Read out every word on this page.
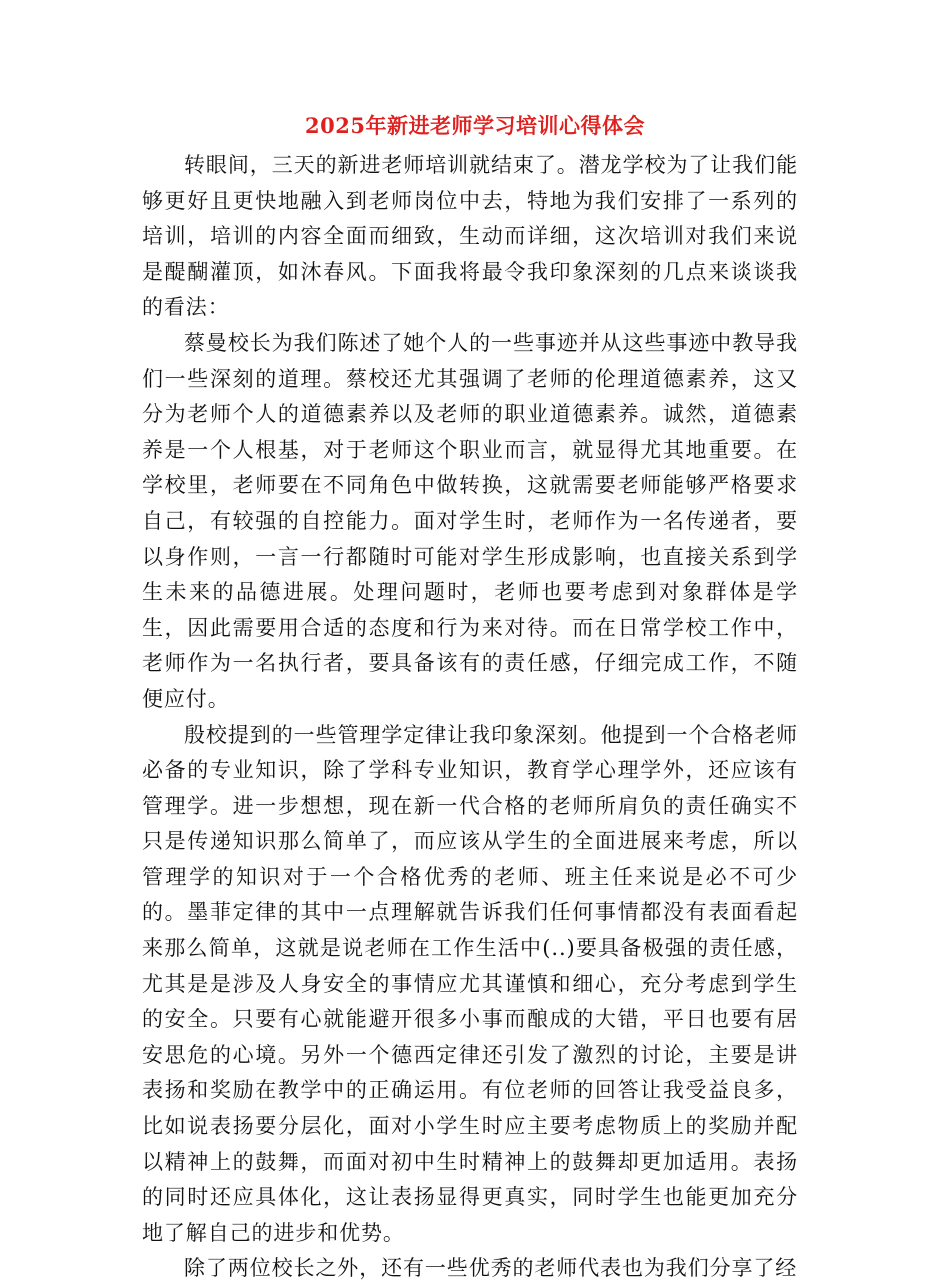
2025年新进老师学习培训心得体会

转眼间，三天的新进老师培训就结束了。潜龙学校为了让我们能够更好且更快地融入到老师岗位中去，特地为我们安排了一系列的培训，培训的内容全面而细致，生动而详细，这次培训对我们来说是醍醐灌顶，如沐春风。下面我将最令我印象深刻的几点来谈谈我的看法：

蔡曼校长为我们陈述了她个人的一些事迹并从这些事迹中教导我们一些深刻的道理。蔡校还尤其强调了老师的伦理道德素养，这又分为老师个人的道德素养以及老师的职业道德素养。诚然，道德素养是一个人根基，对于老师这个职业而言，就显得尤其地重要。在学校里，老师要在不同角色中做转换，这就需要老师能够严格要求自己，有较强的自控能力。面对学生时，老师作为一名传递者，要以身作则，一言一行都随时可能对学生形成影响，也直接关系到学生未来的品德进展。处理问题时，老师也要考虑到对象群体是学生，因此需要用合适的态度和行为来对待。而在日常学校工作中，老师作为一名执行者，要具备该有的责任感，仔细完成工作，不随便应付。

殷校提到的一些管理学定律让我印象深刻。他提到一个合格老师必备的专业知识，除了学科专业知识，教育学心理学外，还应该有管理学。进一步想想，现在新一代合格的老师所肩负的责任确实不只是传递知识那么简单了，而应该从学生的全面进展来考虑，所以管理学的知识对于一个合格优秀的老师、班主任来说是必不可少的。墨菲定律的其中一点理解就告诉我们任何事情都没有表面看起来那么简单，这就是说老师在工作生活中(..)要具备极强的责任感，尤其是是涉及人身安全的事情应尤其谨慎和细心，充分考虑到学生的安全。只要有心就能避开很多小事而酿成的大错，平日也要有居安思危的心境。另外一个德西定律还引发了激烈的讨论，主要是讲表扬和奖励在教学中的正确运用。有位老师的回答让我受益良多，比如说表扬要分层化，面对小学生时应主要考虑物质上的奖励并配以精神上的鼓舞，而面对初中生时精神上的鼓舞却更加适用。表扬的同时还应具体化，这让表扬显得更真实，同时学生也能更加充分地了解自己的进步和优势。

除了两位校长之外，还有一些优秀的老师代表也为我们分享了经
